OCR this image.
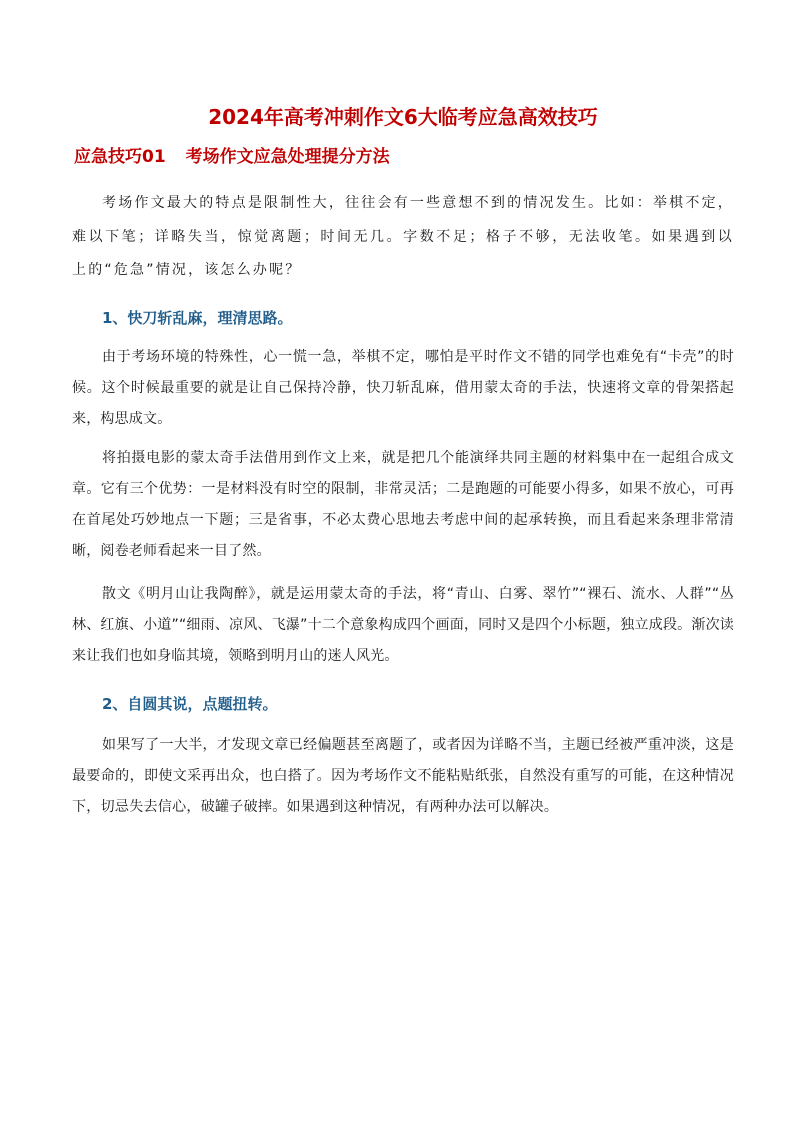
2024年高考冲刺作文6大临考应急高效技巧
应急技巧01 考场作文应急处理提分方法

考场作文最大的特点是限制性大，往往会有一些意想不到的情况发生。比如：举棋不定，难以下笔；详略失当，惊觉离题；时间无几。字数不足；格子不够，无法收笔。如果遇到以上的“危急”情况，该怎么办呢？

1、快刀斩乱麻，理清思路。

由于考场环境的特殊性，心一慌一急，举棋不定，哪怕是平时作文不错的同学也难免有“卡壳”的时候。这个时候最重要的就是让自己保持冷静，快刀斩乱麻，借用蒙太奇的手法，快速将文章的骨架搭起来，构思成文。

将拍摄电影的蒙太奇手法借用到作文上来，就是把几个能演绎共同主题的材料集中在一起组合成文章。它有三个优势：一是材料没有时空的限制，非常灵活；二是跑题的可能要小得多，如果不放心，可再在首尾处巧妙地点一下题；三是省事，不必太费心思地去考虑中间的起承转换，而且看起来条理非常清晰，阅卷老师看起来一目了然。

散文《明月山让我陶醉》，就是运用蒙太奇的手法，将“青山、白雾、翠竹”“裸石、流水、人群”“丛林、红旗、小道”“细雨、凉风、飞瀑”十二个意象构成四个画面，同时又是四个小标题，独立成段。渐次读来让我们也如身临其境，领略到明月山的迷人风光。

2、自圆其说，点题扭转。

如果写了一大半，才发现文章已经偏题甚至离题了，或者因为详略不当，主题已经被严重冲淡，这是最要命的，即使文采再出众，也白搭了。因为考场作文不能粘贴纸张，自然没有重写的可能，在这种情况下，切忌失去信心，破罐子破摔。如果遇到这种情况，有两种办法可以解决。
